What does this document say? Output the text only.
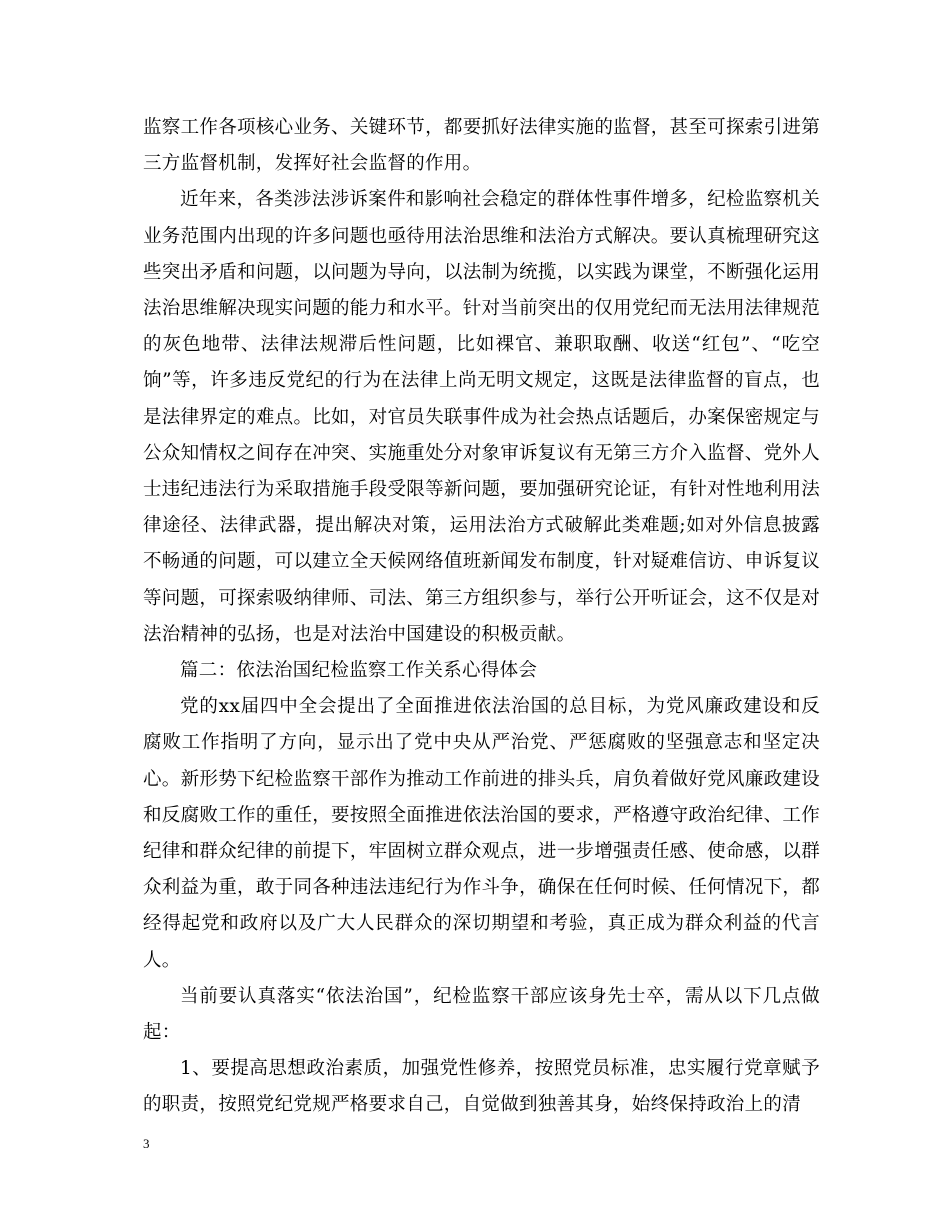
监察工作各项核心业务、关键环节，都要抓好法律实施的监督，甚至可探索引进第三方监督机制，发挥好社会监督的作用。

近年来，各类涉法涉诉案件和影响社会稳定的群体性事件增多，纪检监察机关业务范围内出现的许多问题也亟待用法治思维和法治方式解决。要认真梳理研究这些突出矛盾和问题，以问题为导向，以法制为统揽，以实践为课堂，不断强化运用法治思维解决现实问题的能力和水平。针对当前突出的仅用党纪而无法用法律规范的灰色地带、法律法规滞后性问题，比如裸官、兼职取酬、收送“红包”、“吃空饷”等，许多违反党纪的行为在法律上尚无明文规定，这既是法律监督的盲点，也是法律界定的难点。比如，对官员失联事件成为社会热点话题后，办案保密规定与公众知情权之间存在冲突、实施重处分对象审诉复议有无第三方介入监督、党外人士违纪违法行为采取措施手段受限等新问题，要加强研究论证，有针对性地利用法律途径、法律武器，提出解决对策，运用法治方式破解此类难题;如对外信息披露不畅通的问题，可以建立全天候网络值班新闻发布制度，针对疑难信访、申诉复议等问题，可探索吸纳律师、司法、第三方组织参与，举行公开听证会，这不仅是对法治精神的弘扬，也是对法治中国建设的积极贡献。

篇二：依法治国纪检监察工作关系心得体会

党的xx届四中全会提出了全面推进依法治国的总目标，为党风廉政建设和反腐败工作指明了方向，显示出了党中央从严治党、严惩腐败的坚强意志和坚定决心。新形势下纪检监察干部作为推动工作前进的排头兵，肩负着做好党风廉政建设和反腐败工作的重任，要按照全面推进依法治国的要求，严格遵守政治纪律、工作纪律和群众纪律的前提下，牢固树立群众观点，进一步增强责任感、使命感，以群众利益为重，敢于同各种违法违纪行为作斗争，确保在任何时候、任何情况下，都经得起党和政府以及广大人民群众的深切期望和考验，真正成为群众利益的代言人。

当前要认真落实“依法治国”，纪检监察干部应该身先士卒，需从以下几点做起：

1、要提高思想政治素质，加强党性修养，按照党员标准，忠实履行党章赋予的职责，按照党纪党规严格要求自己，自觉做到独善其身，始终保持政治上的清

3
